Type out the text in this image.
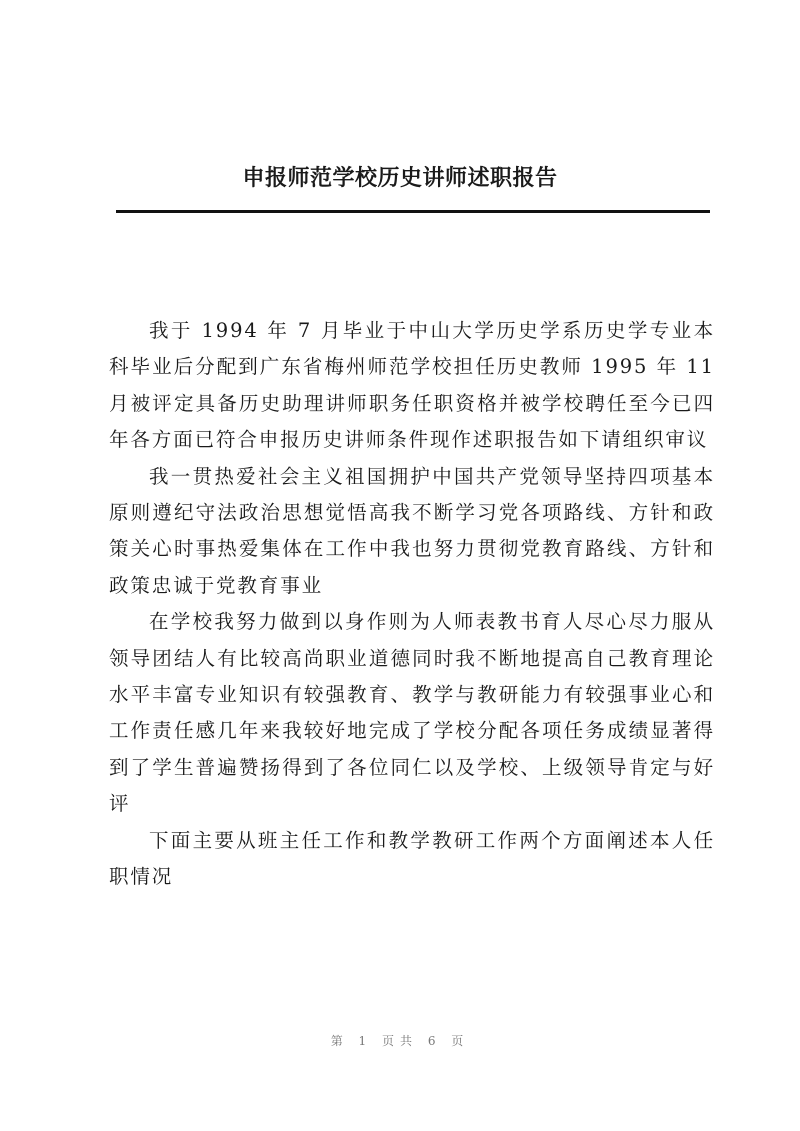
申报师范学校历史讲师述职报告

我于 1994 年 7 月毕业于中山大学历史学系历史学专业本科毕业后分配到广东省梅州师范学校担任历史教师 1995 年 11 月被评定具备历史助理讲师职务任职资格并被学校聘任至今已四年各方面已符合申报历史讲师条件现作述职报告如下请组织审议

我一贯热爱社会主义祖国拥护中国共产党领导坚持四项基本原则遵纪守法政治思想觉悟高我不断学习党各项路线、方针和政策关心时事热爱集体在工作中我也努力贯彻党教育路线、方针和政策忠诚于党教育事业

在学校我努力做到以身作则为人师表教书育人尽心尽力服从领导团结人有比较高尚职业道德同时我不断地提高自己教育理论水平丰富专业知识有较强教育、教学与教研能力有较强事业心和工作责任感几年来我较好地完成了学校分配各项任务成绩显著得到了学生普遍赞扬得到了各位同仁以及学校、上级领导肯定与好评

下面主要从班主任工作和教学教研工作两个方面阐述本人任职情况

第 1 页共 6 页
